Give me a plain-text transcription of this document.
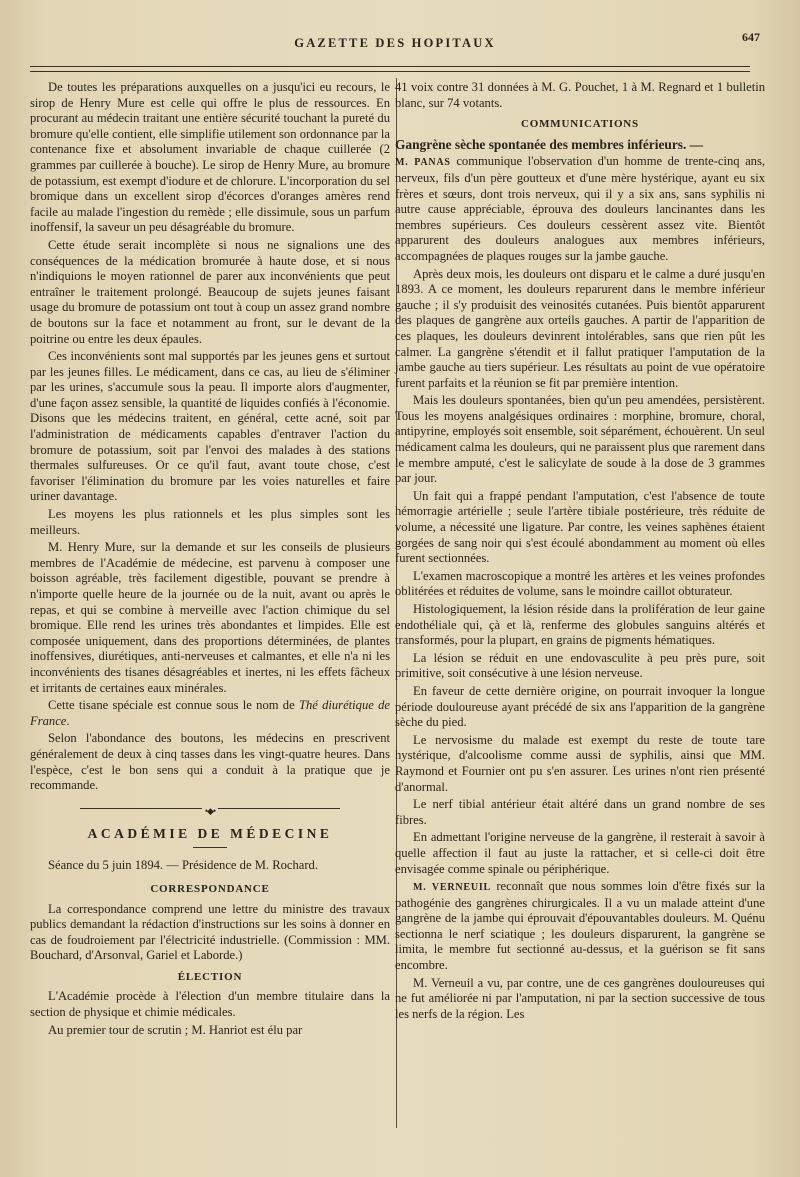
GAZETTE DES HOPITAUX	647

De toutes les préparations auxquelles on a jusqu'ici eu recours, le sirop de Henry Mure est celle qui offre le plus de ressources. En procurant au médecin traitant une entière sécurité touchant la pureté du bromure qu'elle contient, elle simplifie utilement son ordonnance par la contenance fixe et absolument invariable de chaque cuillerée (2 grammes par cuillerée à bouche). Le sirop de Henry Mure, au bromure de potassium, est exempt d'iodure et de chlorure. L'incorporation du sel bromique dans un excellent sirop d'écorces d'oranges amères rend facile au malade l'ingestion du remède ; elle dissimule, sous un parfum inoffensif, la saveur un peu désagréable du bromure.

Cette étude serait incomplète si nous ne signalions une des conséquences de la médication bromurée à haute dose, et si nous n'indiquions le moyen rationnel de parer aux inconvénients que peut entraîner le traitement prolongé. Beaucoup de sujets jeunes faisant usage du bromure de potassium ont tout à coup un assez grand nombre de boutons sur la face et notamment au front, sur le devant de la poitrine ou entre les deux épaules.

Ces inconvénients sont mal supportés par les jeunes gens et surtout par les jeunes filles. Le médicament, dans ce cas, au lieu de s'éliminer par les urines, s'accumule sous la peau. Il importe alors d'augmenter, d'une façon assez sensible, la quantité de liquides confiés à l'économie. Disons que les médecins traitent, en général, cette acné, soit par l'administration de médicaments capables d'entraver l'action du bromure de potassium, soit par l'envoi des malades à des stations thermales sulfureuses. Or ce qu'il faut, avant toute chose, c'est favoriser l'élimination du bromure par les voies naturelles et faire uriner davantage.

Les moyens les plus rationnels et les plus simples sont les meilleurs.

M. Henry Mure, sur la demande et sur les conseils de plusieurs membres de l'Académie de médecine, est parvenu à composer une boisson agréable, très facilement digestible, pouvant se prendre à n'importe quelle heure de la journée ou de la nuit, avant ou après le repas, et qui se combine à merveille avec l'action chimique du sel bromique. Elle rend les urines très abondantes et limpides. Elle est composée uniquement, dans des proportions déterminées, de plantes inoffensives, diurétiques, anti-nerveuses et calmantes, et elle n'a ni les inconvénients des tisanes désagréables et inertes, ni les effets fâcheux et irritants de certaines eaux minérales.

Cette tisane spéciale est connue sous le nom de Thé diurétique de France.

Selon l'abondance des boutons, les médecins en prescrivent généralement de deux à cinq tasses dans les vingt-quatre heures. Dans l'espèce, c'est le bon sens qui a conduit à la pratique que je recommande.

•◆•
ACADÉMIE DE MÉDECINE

Séance du 5 juin 1894. — Présidence de M. Rochard.

CORRESPONDANCE

La correspondance comprend une lettre du ministre des travaux publics demandant la rédaction d'instructions sur les soins à donner en cas de foudroiement par l'électricité industrielle. (Commission : MM. Bouchard, d'Arsonval, Gariel et Laborde.)

ÉLECTION

L'Académie procède à l'élection d'un membre titulaire dans la section de physique et chimie médicales.

Au premier tour de scrutin ; M. Hanriot est élu par

41 voix contre 31 données à M. G. Pouchet, 1 à M. Regnard et 1 bulletin blanc, sur 74 votants.

COMMUNICATIONS

Gangrène sèche spontanée des membres inférieurs. —

M. PANAS communique l'observation d'un homme de trente-cinq ans, nerveux, fils d'un père goutteux et d'une mère hystérique, ayant eu six frères et sœurs, dont trois nerveux, qui il y a six ans, sans syphilis ni autre cause appréciable, éprouva des douleurs lancinantes dans les membres supérieurs. Ces douleurs cessèrent assez vite. Bientôt apparurent des douleurs analogues aux membres inférieurs, accompagnées de plaques rouges sur la jambe gauche.

Après deux mois, les douleurs ont disparu et le calme a duré jusqu'en 1893. A ce moment, les douleurs reparurent dans le membre inférieur gauche ; il s'y produisit des veinosités cutanées. Puis bientôt apparurent des plaques de gangrène aux orteils gauches. A partir de l'apparition de ces plaques, les douleurs devinrent intolérables, sans que rien pût les calmer. La gangrène s'étendit et il fallut pratiquer l'amputation de la jambe gauche au tiers supérieur. Les résultats au point de vue opératoire furent parfaits et la réunion se fit par première intention.

Mais les douleurs spontanées, bien qu'un peu amendées, persistèrent. Tous les moyens analgésiques ordinaires : morphine, bromure, choral, antipyrine, employés soit ensemble, soit séparément, échouèrent. Un seul médicament calma les douleurs, qui ne paraissent plus que rarement dans le membre amputé, c'est le salicylate de soude à la dose de 3 grammes par jour.

Un fait qui a frappé pendant l'amputation, c'est l'absence de toute hémorragie artérielle ; seule l'artère tibiale postérieure, très réduite de volume, a nécessité une ligature. Par contre, les veines saphènes étaient gorgées de sang noir qui s'est écoulé abondamment au moment où elles furent sectionnées.

L'examen macroscopique a montré les artères et les veines profondes oblitérées et réduites de volume, sans le moindre caillot obturateur.

Histologiquement, la lésion réside dans la prolifération de leur gaine endothéliale qui, çà et là, renferme des globules sanguins altérés et transformés, pour la plupart, en grains de pigments hématiques.

La lésion se réduit en une endovasculite à peu près pure, soit primitive, soit consécutive à une lésion nerveuse.

En faveur de cette dernière origine, on pourrait invoquer la longue période douloureuse ayant précédé de six ans l'apparition de la gangrène sèche du pied.

Le nervosisme du malade est exempt du reste de toute tare hystérique, d'alcoolisme comme aussi de syphilis, ainsi que MM. Raymond et Fournier ont pu s'en assurer. Les urines n'ont rien présenté d'anormal.

Le nerf tibial antérieur était altéré dans un grand nombre de ses fibres.

En admettant l'origine nerveuse de la gangrène, il resterait à savoir à quelle affection il faut au juste la rattacher, et si celle-ci doit être envisagée comme spinale ou périphérique.

M. VERNEUIL reconnaît que nous sommes loin d'être fixés sur la pathogénie des gangrènes chirurgicales. Il a vu un malade atteint d'une gangrène de la jambe qui éprouvait d'épouvantables douleurs. M. Quénu sectionna le nerf sciatique ; les douleurs disparurent, la gangrène se limita, le membre fut sectionné au-dessus, et la guérison se fit sans encombre.

M. Verneuil a vu, par contre, une de ces gangrènes douloureuses qui ne fut améliorée ni par l'amputation, ni par la section successive de tous les nerfs de la région. Les
